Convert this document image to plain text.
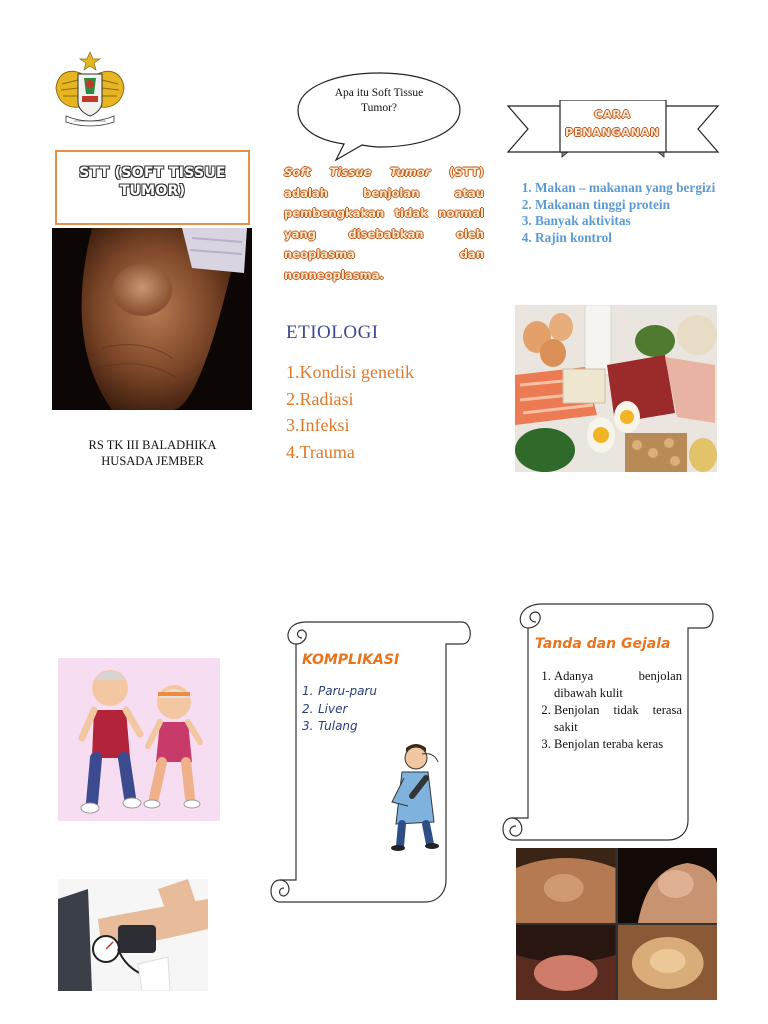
STT (SOFT TISSUE
TUMOR)
RS TK III BALADHIKA
HUSADA JEMBER
Apa itu Soft Tissue
Tumor?
Soft Tissue Tumor (STT) adalah benjolan atau pembengkakan tidak normal yang disebabkan oleh neoplasma dan
nonneoplasma.
ETIOLOGI
1.Kondisi genetik
2.Radiasi
3.Infeksi
4.Trauma
CARA
PENANGANAN
1. Makan – makanan yang bergizi
2. Makanan tinggi protein
3. Banyak aktivitas
4. Rajin kontrol
KOMPLIKASI
1. Paru-paru
2. Liver
3. Tulang
Tanda dan Gejala
1. Adanya benjolan dibawah kulit
2. Benjolan tidak terasa sakit
3. Benjolan teraba keras
